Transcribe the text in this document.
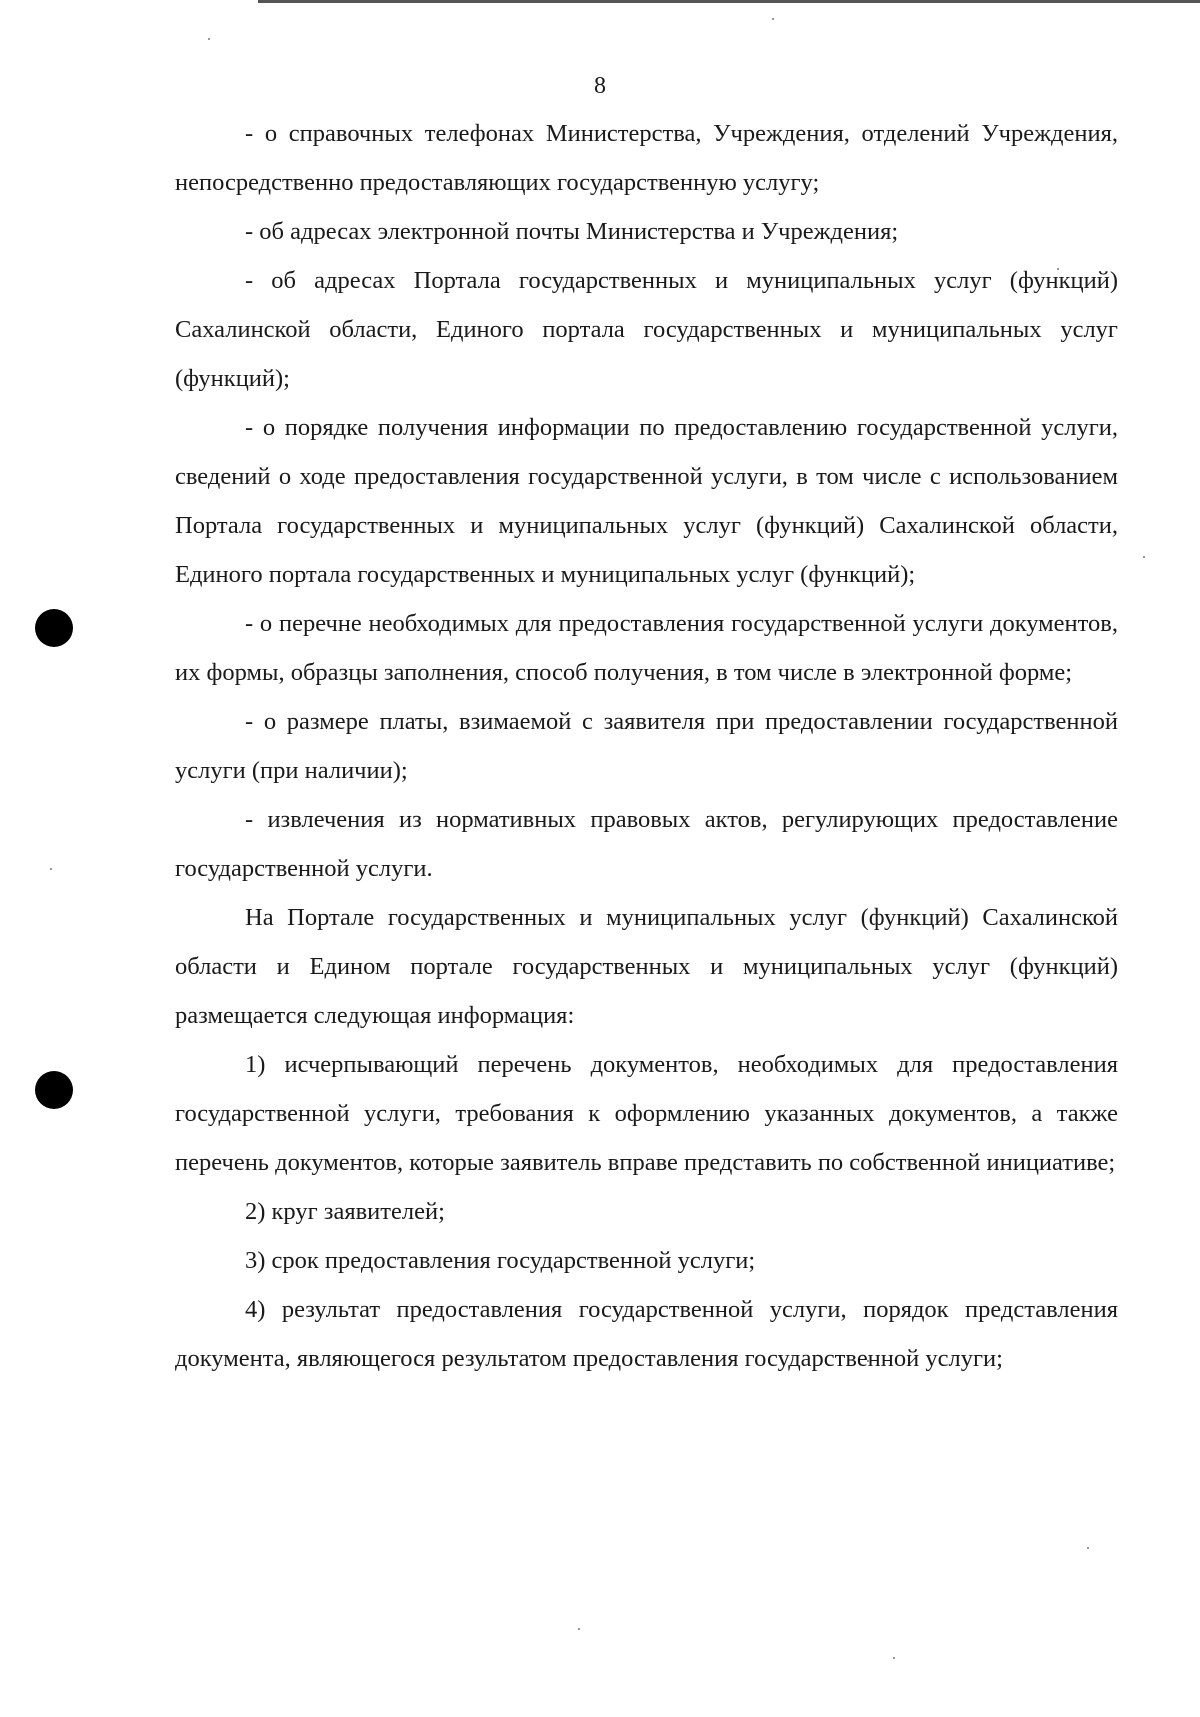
8

- о справочных телефонах Министерства, Учреждения, отделений Учреждения, непосредственно предоставляющих государственную услугу;

- об адресах электронной почты Министерства и Учреждения;

- об адресах Портала государственных и муниципальных услуг (функций) Сахалинской области, Единого портала государственных и муниципальных услуг (функций);

- о порядке получения информации по предоставлению государственной услуги, сведений о ходе предоставления государственной услуги, в том числе с использованием Портала государственных и муниципальных услуг (функций) Сахалинской области, Единого портала государственных и муниципальных услуг (функций);

- о перечне необходимых для предоставления государственной услуги документов, их формы, образцы заполнения, способ получения, в том числе в электронной форме;

- о размере платы, взимаемой с заявителя при предоставлении государственной услуги (при наличии);

- извлечения из нормативных правовых актов, регулирующих предоставление государственной услуги.

На Портале государственных и муниципальных услуг (функций) Сахалинской области и Едином портале государственных и муниципальных услуг (функций) размещается следующая информация:

1) исчерпывающий перечень документов, необходимых для предоставления государственной услуги, требования к оформлению указанных документов, а также перечень документов, которые заявитель вправе представить по собственной инициативе;

2) круг заявителей;

3) срок предоставления государственной услуги;

4) результат предоставления государственной услуги, порядок представления документа, являющегося результатом предоставления государственной услуги;
